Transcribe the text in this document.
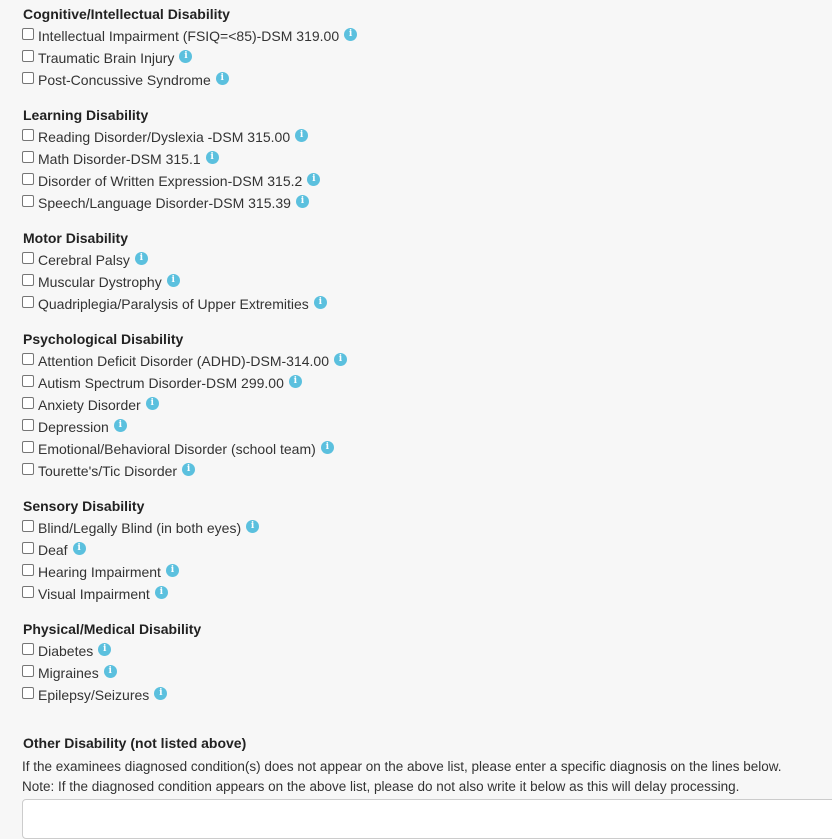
Cognitive/Intellectual Disability
Intellectual Impairment (FSIQ=<85)-DSM 319.00	i
Traumatic Brain Injury	i
Post-Concussive Syndrome	i
Learning Disability
Reading Disorder/Dyslexia -DSM 315.00	i
Math Disorder-DSM 315.1	i
Disorder of Written Expression-DSM 315.2	i
Speech/Language Disorder-DSM 315.39	i
Motor Disability
Cerebral Palsy	i
Muscular Dystrophy	i
Quadriplegia/Paralysis of Upper Extremities	i
Psychological Disability
Attention Deficit Disorder (ADHD)-DSM-314.00	i
Autism Spectrum Disorder-DSM 299.00	i
Anxiety Disorder	i
Depression	i
Emotional/Behavioral Disorder (school team)	i
Tourette's/Tic Disorder	i
Sensory Disability
Blind/Legally Blind (in both eyes)	i
Deaf	i
Hearing Impairment	i
Visual Impairment	i
Physical/Medical Disability
Diabetes	i
Migraines	i
Epilepsy/Seizures	i
Other Disability (not listed above)
If the examinees diagnosed condition(s) does not appear on the above list, please enter a specific diagnosis on the lines below.
Note: If the diagnosed condition appears on the above list, please do not also write it below as this will delay processing.
